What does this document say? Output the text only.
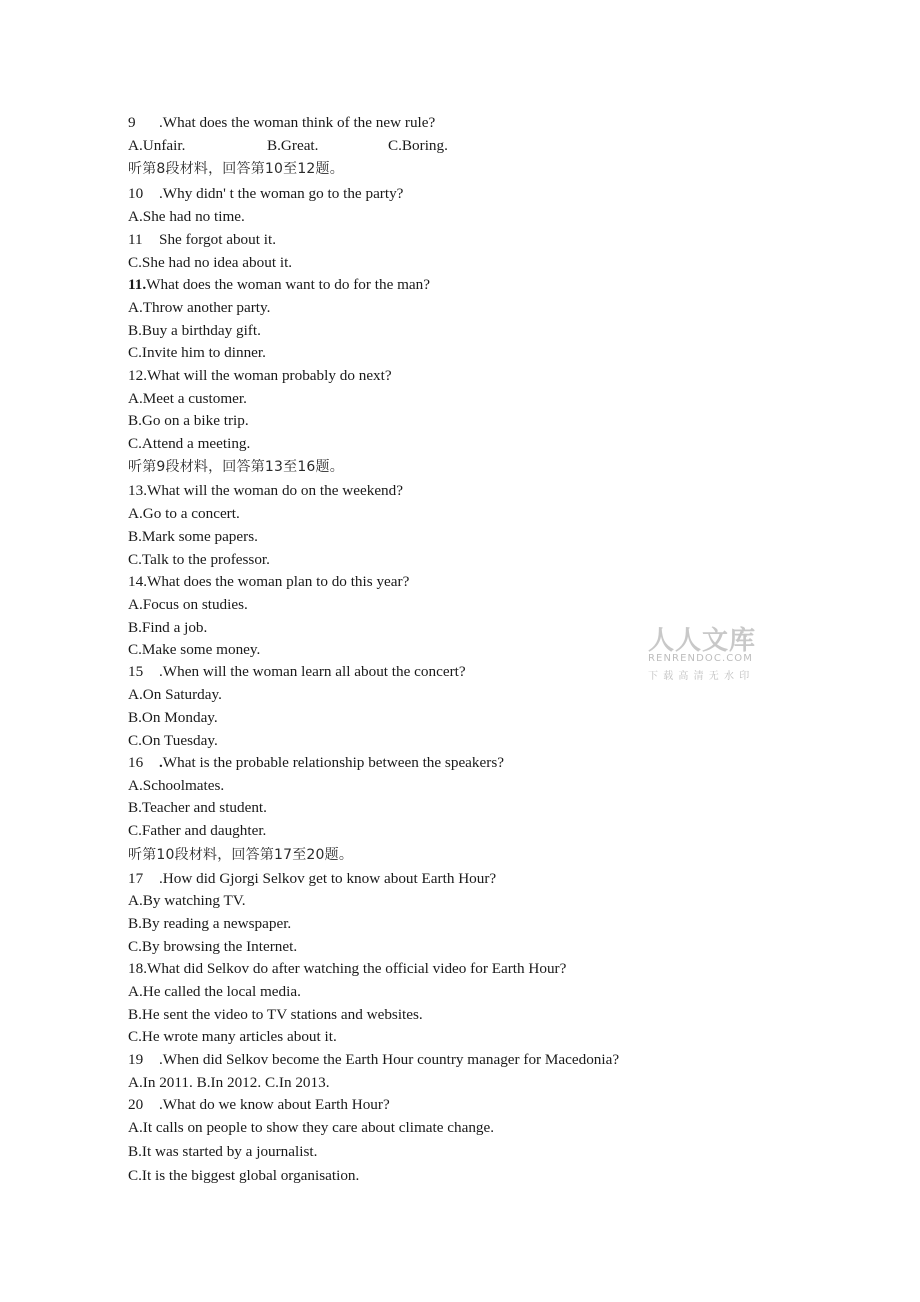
9 .What does the woman think of the new rule?
A.Unfair.	B.Great.	C.Boring.
听第8段材料，回答第10至12题。
10 .Why didn' t the woman go to the party?
A.She had no time.
11 She forgot about it.
C.She had no idea about it.
11.What does the woman want to do for the man?
A.Throw another party.
B.Buy a birthday gift.
C.Invite him to dinner.
12.What will the woman probably do next?
A.Meet a customer.
B.Go on a bike trip.
C.Attend a meeting.
听第9段材料，回答第13至16题。
13.What will the woman do on the weekend?
A.Go to a concert.
B.Mark some papers.
C.Talk to the professor.
14.What does the woman plan to do this year?
A.Focus on studies.
B.Find a job.
C.Make some money.
15 .When will the woman learn all about the concert?
A.On Saturday.
B.On Monday.
C.On Tuesday.
16 .What is the probable relationship between the speakers?
A.Schoolmates.
B.Teacher and student.
C.Father and daughter.
听第10段材料，回答第17至20题。
17 .How did Gjorgi Selkov get to know about Earth Hour?
A.By watching TV.
B.By reading a newspaper.
C.By browsing the Internet.
18.What did Selkov do after watching the official video for Earth Hour?
A.He called the local media.
B.He sent the video to TV stations and websites.
C.He wrote many articles about it.
19 .When did Selkov become the Earth Hour country manager for Macedonia?
A.In 2011. B.In 2012. C.In 2013.
20 .What do we know about Earth Hour?
A.It calls on people to show they care about climate change.
B.It was started by a journalist.
C.It is the biggest global organisation.
人人文库
RENRENDOC.COM
下载高清无水印
